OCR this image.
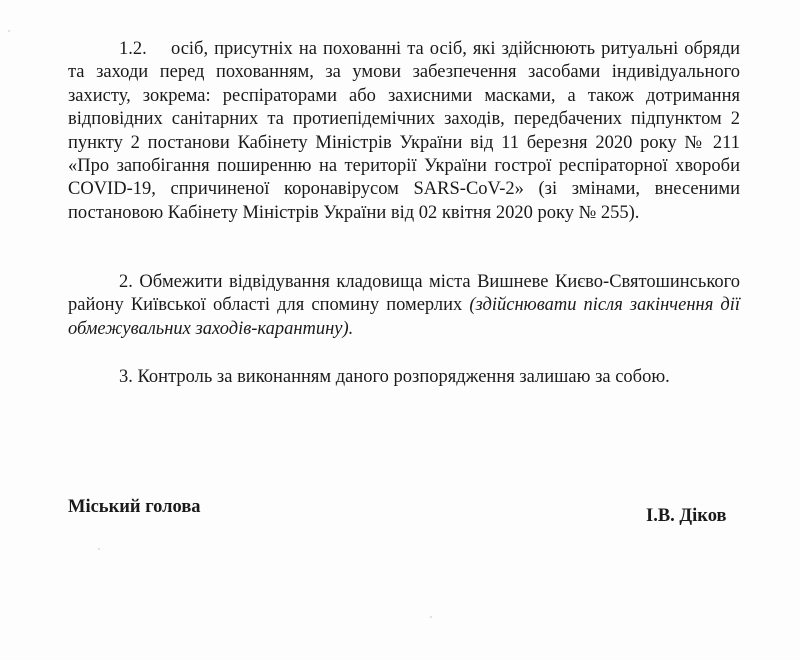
1.2. осіб, присутніх на похованні та осіб, які здійснюють ритуальні обряди та заходи перед похованням, за умови забезпечення засобами індивідуального захисту, зокрема: респіраторами або захисними масками, а також дотримання відповідних санітарних та протиепідемічних заходів, передбачених підпунктом 2 пункту 2 постанови Кабінету Міністрів України від 11 березня 2020 року № 211 «Про запобігання поширенню на території України гострої респіраторної хвороби COVID-19, спричиненої коронавірусом SARS-CoV-2» (зі змінами, внесеними постановою Кабінету Міністрів України від 02 квітня 2020 року № 255).

2. Обмежити відвідування кладовища міста Вишневе Києво-Святошинського району Київської області для спомину померлих (здійснювати після закінчення дії обмежувальних заходів-карантину).

3. Контроль за виконанням даного розпорядження залишаю за собою.

Міський голова	І.В. Діков
